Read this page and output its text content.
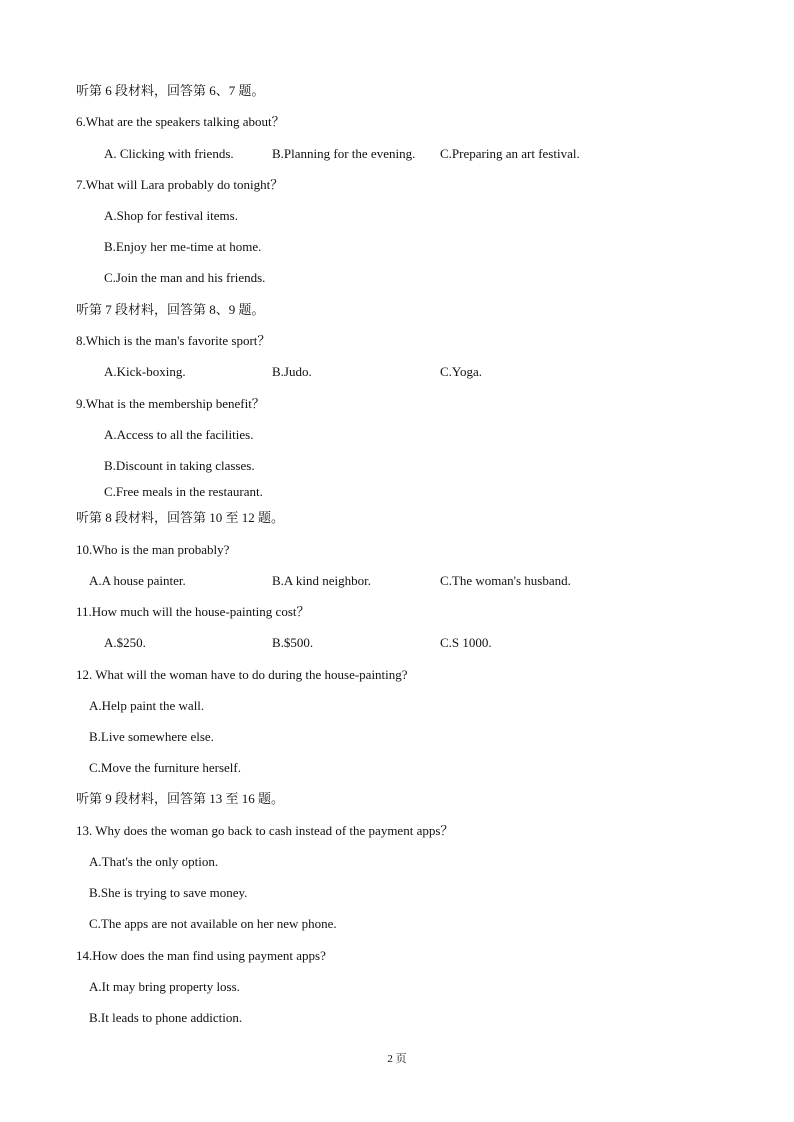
听第 6 段材料，回答第 6、7 题。
6.What are the speakers talking about？
A. Clicking with friends.	B.Planning for the evening. C.Preparing an art festival.
7.What will Lara probably do tonight？
A.Shop for festival items.
B.Enjoy her me-time at home.
C.Join the man and his friends.
听第 7 段材料，回答第 8、9 题。
8.Which is the man's favorite sport？
A.Kick-boxing.	B.Judo.	C.Yoga.
9.What is the membership benefit？
A.Access to all the facilities.
B.Discount in taking classes.
C.Free meals in the restaurant.
听第 8 段材料，回答第 10 至 12 题。
10.Who is the man probably?
A.A house painter.	B.A kind neighbor.	C.The woman's husband.
11.How much will the house-painting cost？
A.$250.	B.$500.	C.S 1000.
12. What will the woman have to do during the house-painting?
A.Help paint the wall.
B.Live somewhere else.
C.Move the furniture herself.
听第 9 段材料，回答第 13 至 16 题。
13. Why does the woman go back to cash instead of the payment apps？
A.That's the only option.
B.She is trying to save money.
C.The apps are not available on her new phone.
14.How does the man find using payment apps?
A.It may bring property loss.
B.It leads to phone addiction.
2 页
